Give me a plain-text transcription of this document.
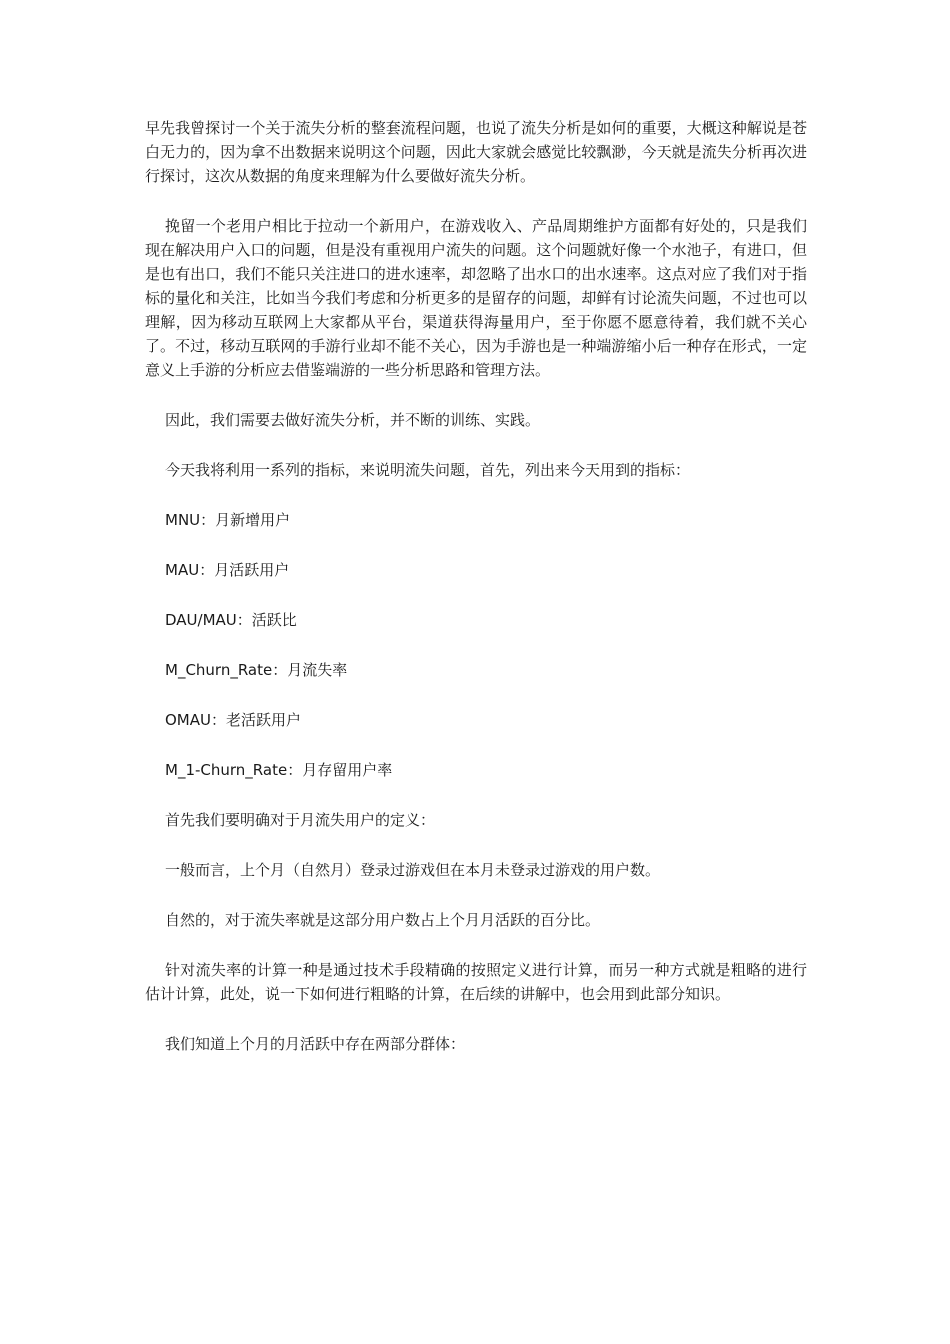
早先我曾探讨一个关于流失分析的整套流程问题，也说了流失分析是如何的重要，大概这种解说是苍白无力的，因为拿不出数据来说明这个问题，因此大家就会感觉比较飘渺，今天就是流失分析再次进行探讨，这次从数据的角度来理解为什么要做好流失分析。

挽留一个老用户相比于拉动一个新用户，在游戏收入、产品周期维护方面都有好处的，只是我们现在解决用户入口的问题，但是没有重视用户流失的问题。这个问题就好像一个水池子，有进口，但是也有出口，我们不能只关注进口的进水速率，却忽略了出水口的出水速率。这点对应了我们对于指标的量化和关注，比如当今我们考虑和分析更多的是留存的问题，却鲜有讨论流失问题，不过也可以理解，因为移动互联网上大家都从平台，渠道获得海量用户，至于你愿不愿意待着，我们就不关心了。不过，移动互联网的手游行业却不能不关心，因为手游也是一种端游缩小后一种存在形式，一定意义上手游的分析应去借鉴端游的一些分析思路和管理方法。

因此，我们需要去做好流失分析，并不断的训练、实践。

今天我将利用一系列的指标，来说明流失问题，首先，列出来今天用到的指标：

MNU：月新增用户

MAU：月活跃用户

DAU/MAU：活跃比

M_Churn_Rate：月流失率

OMAU：老活跃用户

M_1-Churn_Rate：月存留用户率

首先我们要明确对于月流失用户的定义：

一般而言，上个月（自然月）登录过游戏但在本月未登录过游戏的用户数。

自然的，对于流失率就是这部分用户数占上个月月活跃的百分比。

针对流失率的计算一种是通过技术手段精确的按照定义进行计算，而另一种方式就是粗略的进行估计计算，此处，说一下如何进行粗略的计算，在后续的讲解中，也会用到此部分知识。

我们知道上个月的月活跃中存在两部分群体：
